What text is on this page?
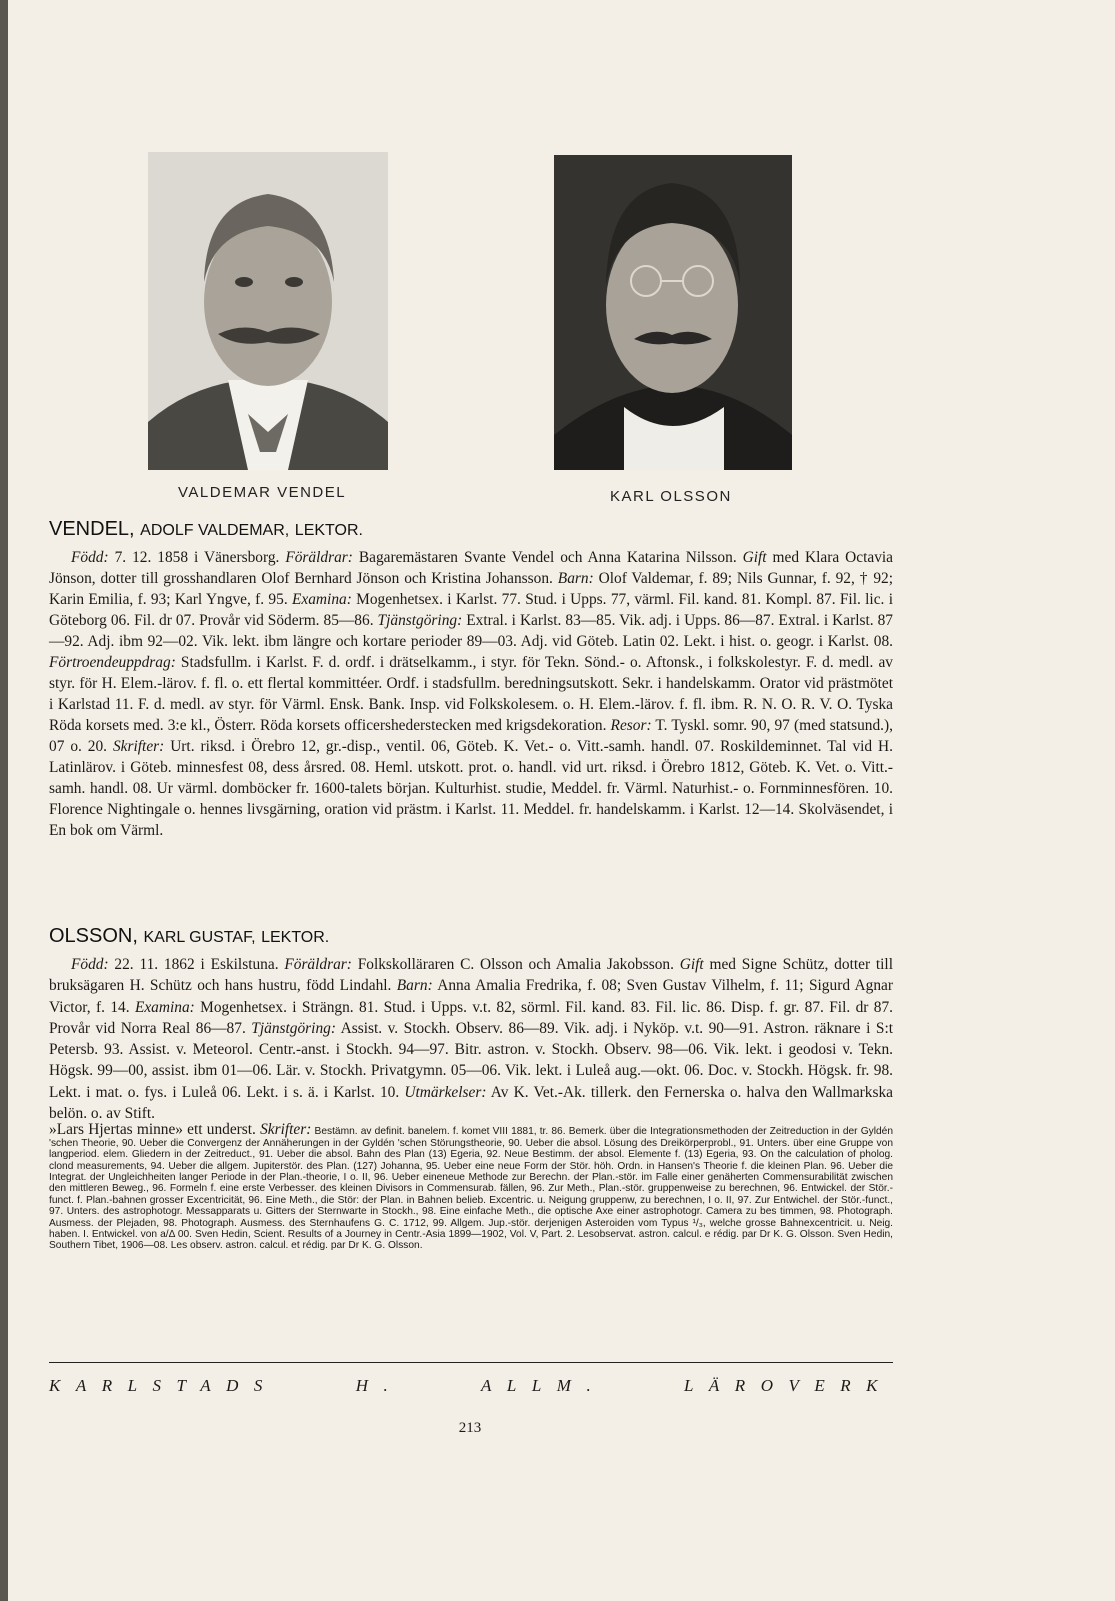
VALDEMAR VENDEL	KARL OLSSON
VENDEL, ADOLF VALDEMAR, LEKTOR.

Född: 7. 12. 1858 i Vänersborg. Föräldrar: Bagaremästaren Svante Vendel och Anna Katarina Nilsson. Gift med Klara Octavia Jönson, dotter till grosshandlaren Olof Bernhard Jönson och Kristina Johansson. Barn: Olof Valdemar, f. 89; Nils Gunnar, f. 92, † 92; Karin Emilia, f. 93; Karl Yngve, f. 95. Examina: Mogenhetsex. i Karlst. 77. Stud. i Upps. 77, värml. Fil. kand. 81. Kompl. 87. Fil. lic. i Göteborg 06. Fil. dr 07. Provår vid Söderm. 85—86. Tjänstgöring: Extral. i Karlst. 83—85. Vik. adj. i Upps. 86—87. Extral. i Karlst. 87—92. Adj. ibm 92—02. Vik. lekt. ibm längre och kortare perioder 89—03. Adj. vid Göteb. Latin 02. Lekt. i hist. o. geogr. i Karlst. 08. Förtroendeuppdrag: Stadsfullm. i Karlst. F. d. ordf. i drätselkamm., i styr. för Tekn. Sönd.- o. Aftonsk., i folkskolestyr. F. d. medl. av styr. för H. Elem.-lärov. f. fl. o. ett flertal kommittéer. Ordf. i stadsfullm. beredningsutskott. Sekr. i handelskamm. Orator vid prästmötet i Karlstad 11. F. d. medl. av styr. för Värml. Ensk. Bank. Insp. vid Folkskolesem. o. H. Elem.-lärov. f. fl. ibm. R. N. O. R. V. O. Tyska Röda korsets med. 3:e kl., Österr. Röda korsets officershederstecken med krigsdekoration. Resor: T. Tyskl. somr. 90, 97 (med statsund.), 07 o. 20. Skrifter: Urt. riksd. i Örebro 12, gr.-disp., ventil. 06, Göteb. K. Vet.- o. Vitt.-samh. handl. 07. Roskildeminnet. Tal vid H. Latinlärov. i Göteb. minnesfest 08, dess årsred. 08. Heml. utskott. prot. o. handl. vid urt. riksd. i Örebro 1812, Göteb. K. Vet. o. Vitt.-samh. handl. 08. Ur värml. domböcker fr. 1600-talets början. Kulturhist. studie, Meddel. fr. Värml. Naturhist.- o. Fornminnesfören. 10. Florence Nightingale o. hennes livsgärning, oration vid prästm. i Karlst. 11. Meddel. fr. handelskamm. i Karlst. 12—14. Skolväsendet, i En bok om Värml.

OLSSON, KARL GUSTAF, LEKTOR.

Född: 22. 11. 1862 i Eskilstuna. Föräldrar: Folkskolläraren C. Olsson och Amalia Jakobsson. Gift med Signe Schütz, dotter till bruksägaren H. Schütz och hans hustru, född Lindahl. Barn: Anna Amalia Fredrika, f. 08; Sven Gustav Vilhelm, f. 11; Sigurd Agnar Victor, f. 14. Examina: Mogenhetsex. i Strängn. 81. Stud. i Upps. v.t. 82, sörml. Fil. kand. 83. Fil. lic. 86. Disp. f. gr. 87. Fil. dr 87. Provår vid Norra Real 86—87. Tjänstgöring: Assist. v. Stockh. Observ. 86—89. Vik. adj. i Nyköp. v.t. 90—91. Astron. räknare i S:t Petersb. 93. Assist. v. Meteorol. Centr.-anst. i Stockh. 94—97. Bitr. astron. v. Stockh. Observ. 98—06. Vik. lekt. i geodosi v. Tekn. Högsk. 99—00, assist. ibm 01—06. Lär. v. Stockh. Privatgymn. 05—06. Vik. lekt. i Luleå aug.—okt. 06. Doc. v. Stockh. Högsk. fr. 98. Lekt. i mat. o. fys. i Luleå 06. Lekt. i s. ä. i Karlst. 10. Utmärkelser: Av K. Vet.-Ak. tillerk. den Fernerska o. halva den Wallmarkska belön. o. av Stift.

»Lars Hjertas minne» ett underst. Skrifter: Bestämn. av definit. banelem. f. komet VIII 1881, tr. 86. Bemerk. über die Integrationsmethoden der Zeitreduction in der Gyldén 'schen Theorie, 90. Ueber die Convergenz der Annäherungen in der Gyldén 'schen Störungstheorie, 90. Ueber die absol. Lösung des Dreikörperprobl., 91. Unters. über eine Gruppe von langperiod. elem. Gliedern in der Zeitreduct., 91. Ueber die absol. Bahn des Plan (13) Egeria, 92. Neue Bestimm. der absol. Elemente f. (13) Egeria, 93. On the calculation of pholog. clond measurements, 94. Ueber die allgem. Jupiterstör. des Plan. (127) Johanna, 95. Ueber eine neue Form der Stör. höh. Ordn. in Hansen's Theorie f. die kleinen Plan. 96. Ueber die Integrat. der Ungleichheiten langer Periode in der Plan.-theorie, I o. II, 96. Ueber eineneue Methode zur Berechn. der Plan.-stör. im Falle einer genäherten Commensurabilität zwischen den mittleren Beweg., 96. Formeln f. eine erste Verbesser. des kleinen Divisors in Commensurab. fällen, 96. Zur Meth., Plan.-stör. gruppenweise zu berechnen, 96. Entwickel. der Stör.-funct. f. Plan.-bahnen grosser Excentricität, 96. Eine Meth., die Stör: der Plan. in Bahnen belieb. Excentric. u. Neigung gruppenw, zu berechnen, I o. II, 97. Zur Entwichel. der Stör.-funct., 97. Unters. des astrophotogr. Messapparats u. Gitters der Sternwarte in Stockh., 98. Eine einfache Meth., die optische Axe einer astrophotogr. Camera zu bes timmen, 98. Photograph. Ausmess. der Plejaden, 98. Photograph. Ausmess. des Sternhaufens G. C. 1712, 99. Allgem. Jup.-stör. derjenigen Asteroiden vom Typus ¹/₃, welche grosse Bahnexcentricit. u. Neig. haben. I. Entwickel. von a/Δ 00. Sven Hedin, Scient. Results of a Journey in Centr.-Asia 1899—1902, Vol. V, Part. 2. Lesobservat. astron. calcul. e rédig. par Dr K. G. Olsson. Sven Hedin, Southern Tibet, 1906—08. Les observ. astron. calcul. et rédig. par Dr K. G. Olsson.

KARLSTADS	H.	ALLM.	LÄROVERK
213
